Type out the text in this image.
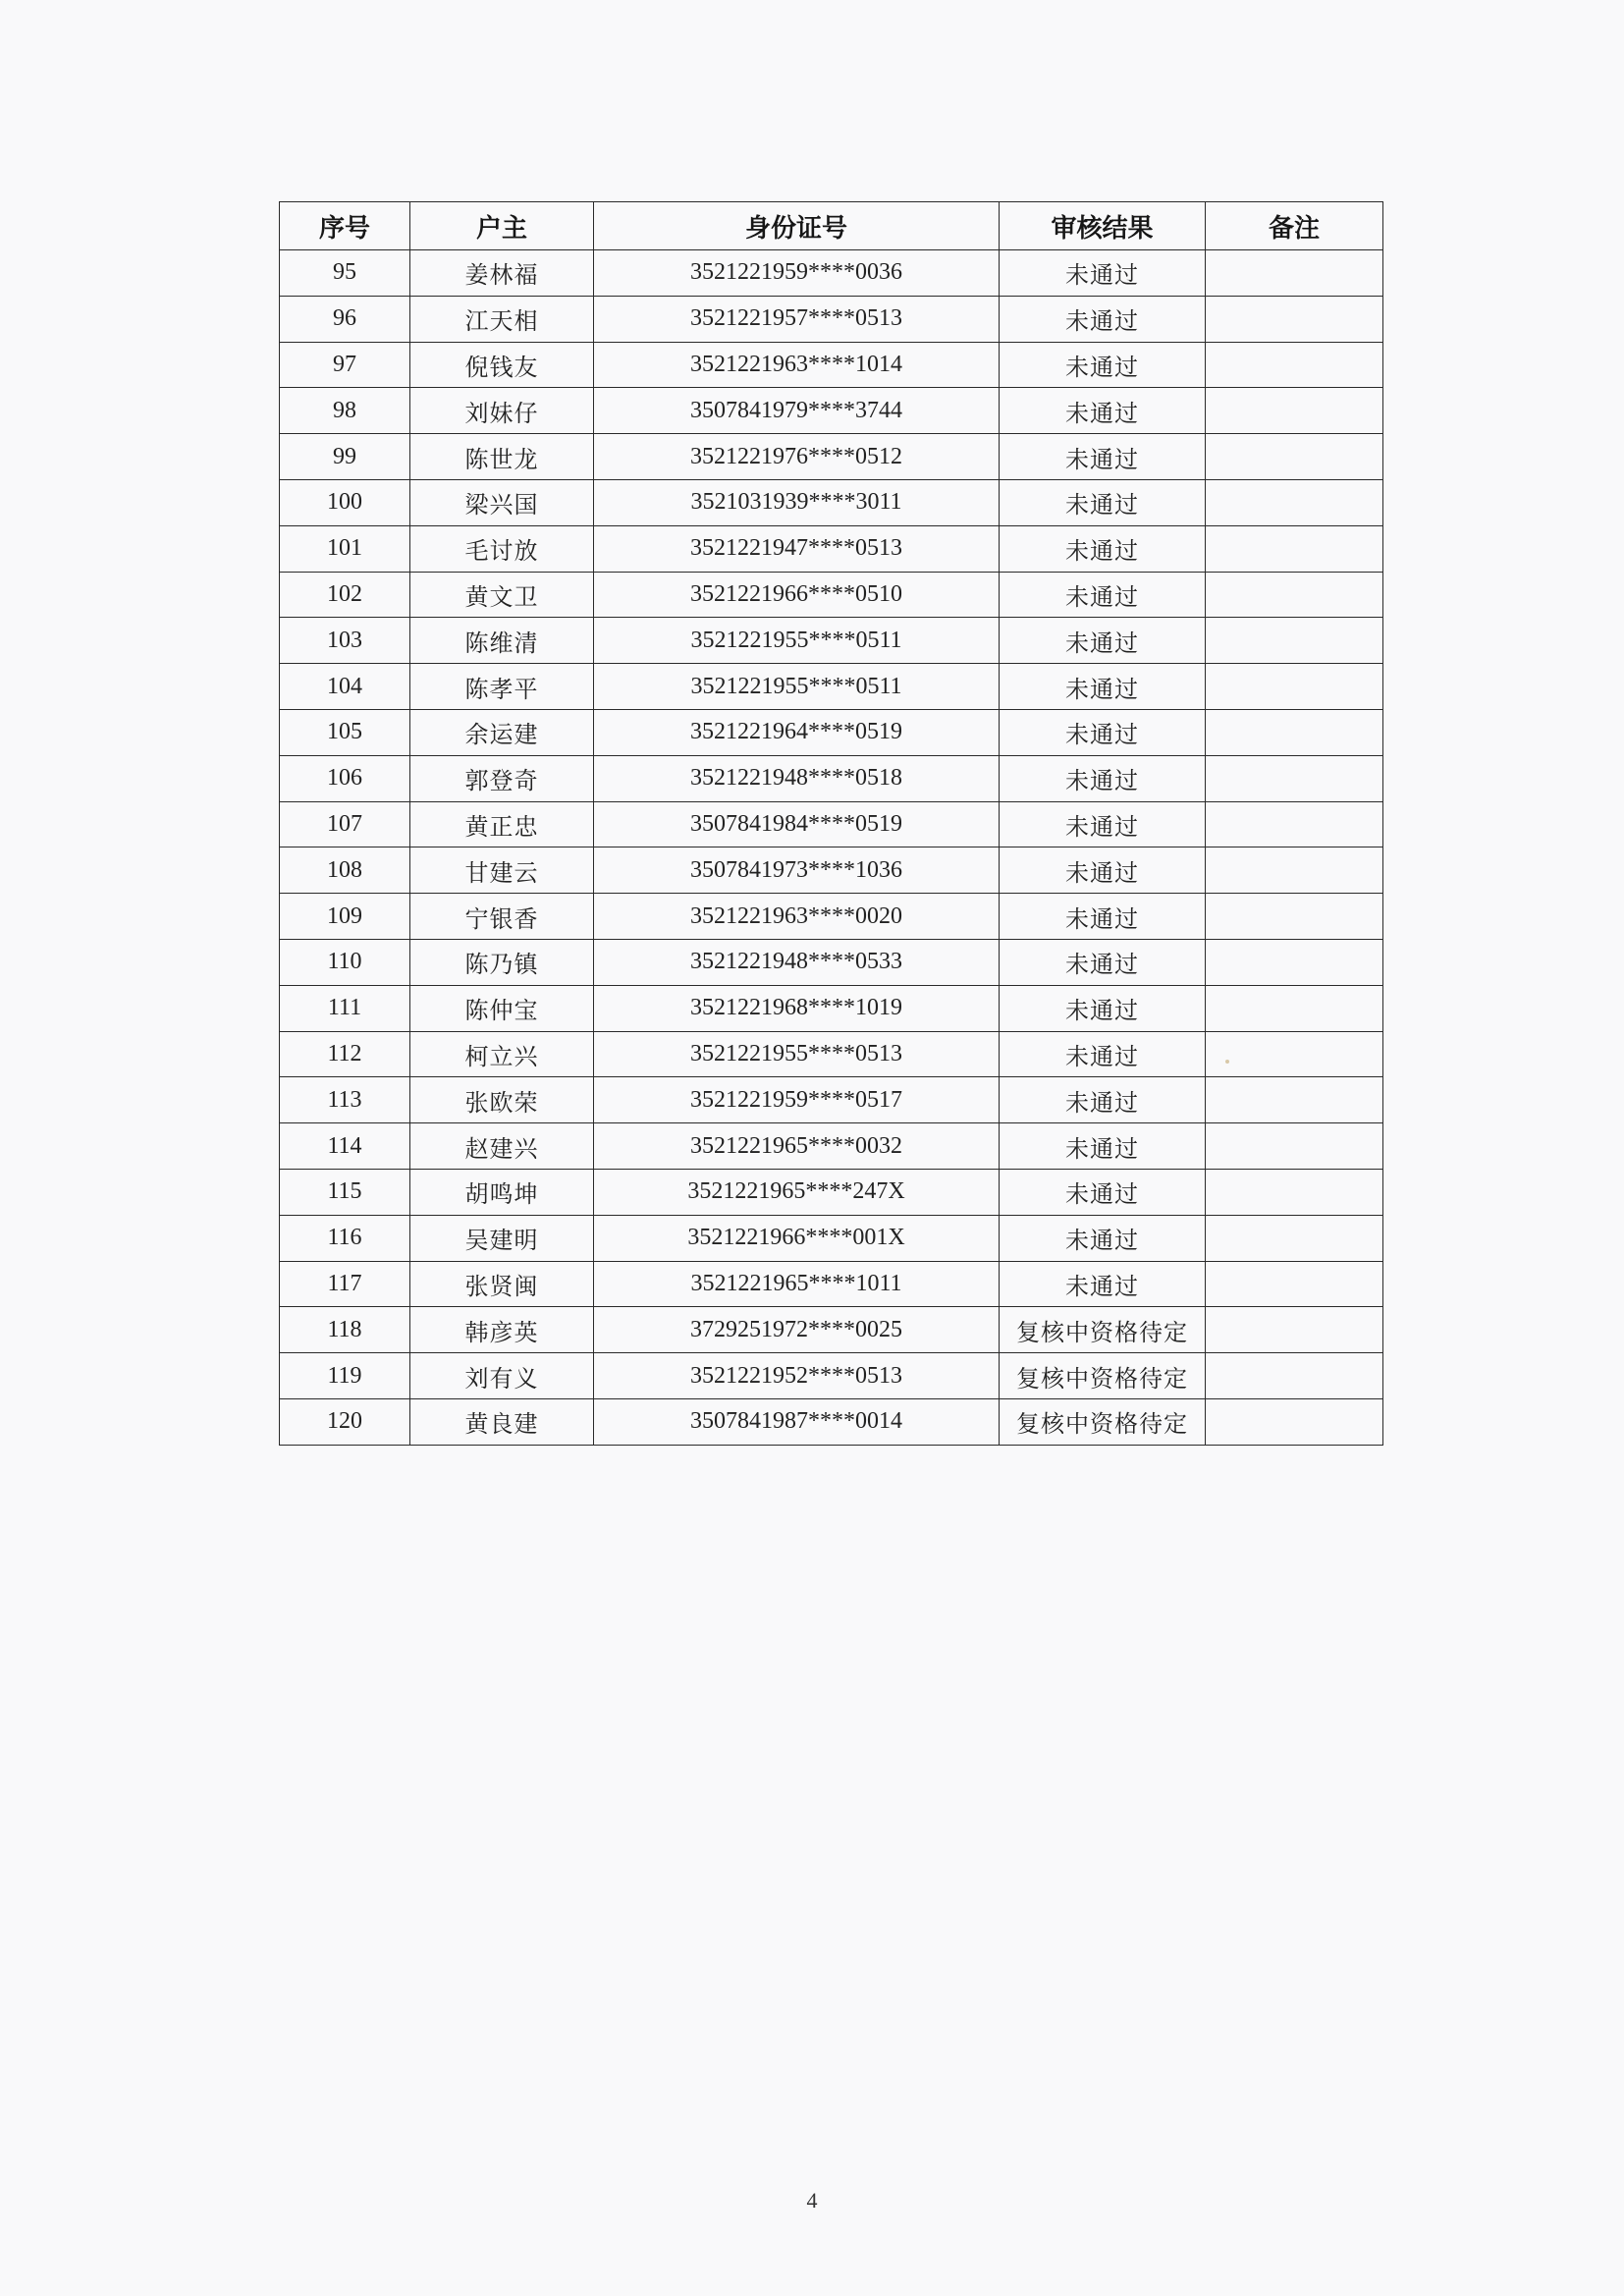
序号	户主	身份证号	审核结果	备注
95	姜林福	3521221959****0036	未通过	
96	江天相	3521221957****0513	未通过	
97	倪钱友	3521221963****1014	未通过	
98	刘妹仔	3507841979****3744	未通过	
99	陈世龙	3521221976****0512	未通过	
100	梁兴国	3521031939****3011	未通过	
101	毛讨放	3521221947****0513	未通过	
102	黄文卫	3521221966****0510	未通过	
103	陈维清	3521221955****0511	未通过	
104	陈孝平	3521221955****0511	未通过	
105	余运建	3521221964****0519	未通过	
106	郭登奇	3521221948****0518	未通过	
107	黄正忠	3507841984****0519	未通过	
108	甘建云	3507841973****1036	未通过	
109	宁银香	3521221963****0020	未通过	
110	陈乃镇	3521221948****0533	未通过	
111	陈仲宝	3521221968****1019	未通过	
112	柯立兴	3521221955****0513	未通过	
113	张欧荣	3521221959****0517	未通过	
114	赵建兴	3521221965****0032	未通过	
115	胡鸣坤	3521221965****247X	未通过	
116	吴建明	3521221966****001X	未通过	
117	张贤闽	3521221965****1011	未通过	
118	韩彦英	3729251972****0025	复核中资格待定	
119	刘有义	3521221952****0513	复核中资格待定	
120	黄良建	3507841987****0014	复核中资格待定	
4
